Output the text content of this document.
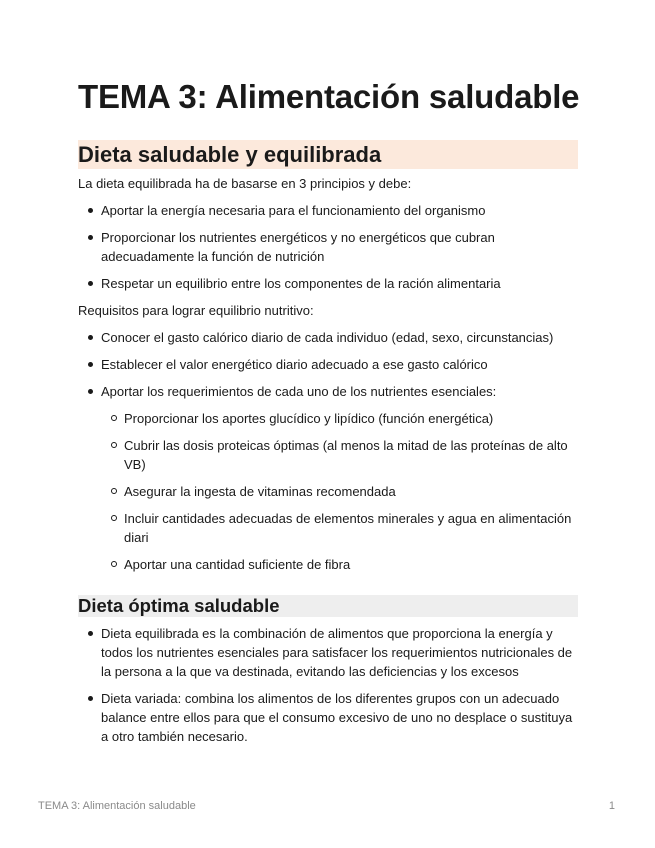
TEMA 3: Alimentación saludable
Dieta saludable y equilibrada

La dieta equilibrada ha de basarse en 3 principios y debe:

Aportar la energía necesaria para el funcionamiento del organismo
Proporcionar los nutrientes energéticos y no energéticos que cubran adecuadamente la función de nutrición
Respetar un equilibrio entre los componentes de la ración alimentaria

Requisitos para lograr equilibrio nutritivo:

Conocer el gasto calórico diario de cada individuo (edad, sexo, circunstancias)
Establecer el valor energético diario adecuado a ese gasto calórico
Aportar los requerimientos de cada uno de los nutrientes esenciales:
Proporcionar los aportes glucídico y lipídico (función energética)
Cubrir las dosis proteicas óptimas (al menos la mitad de las proteínas de alto VB)
Asegurar la ingesta de vitaminas recomendada
Incluir cantidades adecuadas de elementos minerales y agua en alimentación diari
Aportar una cantidad suficiente de fibra
Dieta óptima saludable
Dieta equilibrada es la combinación de alimentos que proporciona la energía y todos los nutrientes esenciales para satisfacer los requerimientos nutricionales de la persona a la que va destinada, evitando las deficiencias y los excesos
Dieta variada: combina los alimentos de los diferentes grupos con un adecuado balance entre ellos para que el consumo excesivo de uno no desplace o sustituya a otro también necesario.
TEMA 3: Alimentación saludable	1
